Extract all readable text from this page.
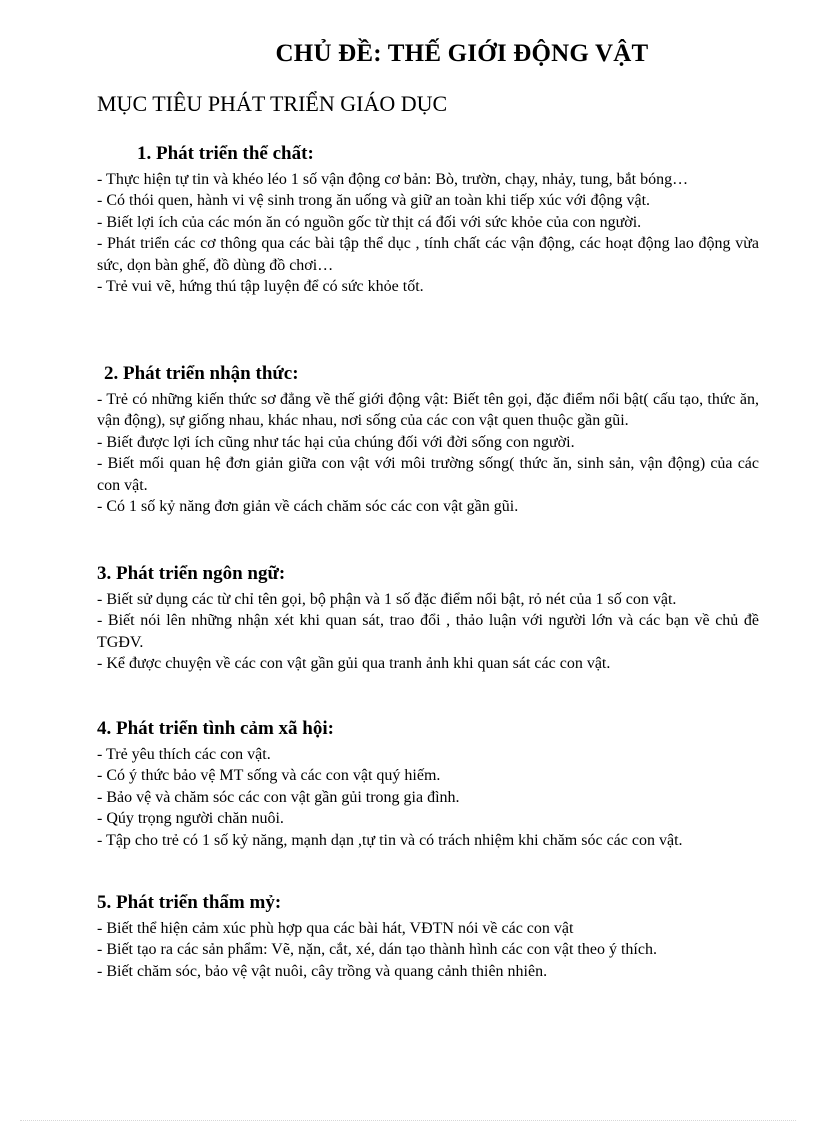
CHỦ ĐỀ: THẾ GIỚI ĐỘNG VẬT
MỤC TIÊU PHÁT TRIỂN GIÁO DỤC
1. Phát triển thể chất:

- Thực hiện tự tin và khéo léo 1 số vận động cơ bản: Bò, trườn, chạy, nhảy, tung, bắt bóng…

- Có thói quen, hành vi vệ sinh trong ăn uống và giữ an toàn khi tiếp xúc với động vật.

- Biết lợi ích của các món ăn có nguồn gốc từ thịt cá đối với sức khỏe của con người.

- Phát triển các cơ thông qua các bài tập thể dục , tính chất các vận động, các hoạt động lao động vừa sức, dọn bàn ghế, đồ dùng đồ chơi…

- Trẻ vui vẽ, hứng thú tập luyện để có sức khỏe tốt.

2. Phát triển nhận thức:

- Trẻ có những kiến thức sơ đẳng về thế giới động vật: Biết tên gọi, đặc điểm nổi bật( cấu tạo, thức ăn, vận động), sự giống nhau, khác nhau, nơi sống của các con vật quen thuộc gần gũi.

- Biết được lợi ích cũng như tác hại của chúng đối với đời sống con người.

- Biết mối quan hệ đơn giản giữa con vật với môi trường sống( thức ăn, sinh sản, vận động) của các con vật.

- Có 1 số kỷ năng đơn giản về cách chăm sóc các con vật gần gũi.

3. Phát triển ngôn ngữ:

- Biết sử dụng các từ chỉ tên gọi, bộ phận và 1 số đặc điểm nổi bật, rỏ nét của 1 số con vật.

- Biết nói lên những nhận xét khi quan sát, trao đổi , thảo luận với người lớn và các bạn về chủ đề TGĐV.

- Kể được chuyện về các con vật gần gủi qua tranh ảnh khi quan sát các con vật.

4. Phát triển tình cảm xã hội:

- Trẻ yêu thích các con vật.

- Có ý thức bảo vệ MT sống và các con vật quý hiếm.

- Bảo vệ và chăm sóc các con vật gần gủi trong gia đình.

- Qúy trọng người chăn nuôi.

- Tập cho trẻ có 1 số kỷ năng, mạnh dạn ,tự tin và có trách nhiệm khi chăm sóc các con vật.

5. Phát triển thẩm mỷ:

- Biết thể hiện cảm xúc phù hợp qua các bài hát, VĐTN nói về các con vật

- Biết tạo ra các sản phẩm: Vẽ, nặn, cắt, xé, dán tạo thành hình các con vật theo ý thích.

- Biết chăm sóc, bảo vệ vật nuôi, cây trồng và quang cảnh thiên nhiên.
